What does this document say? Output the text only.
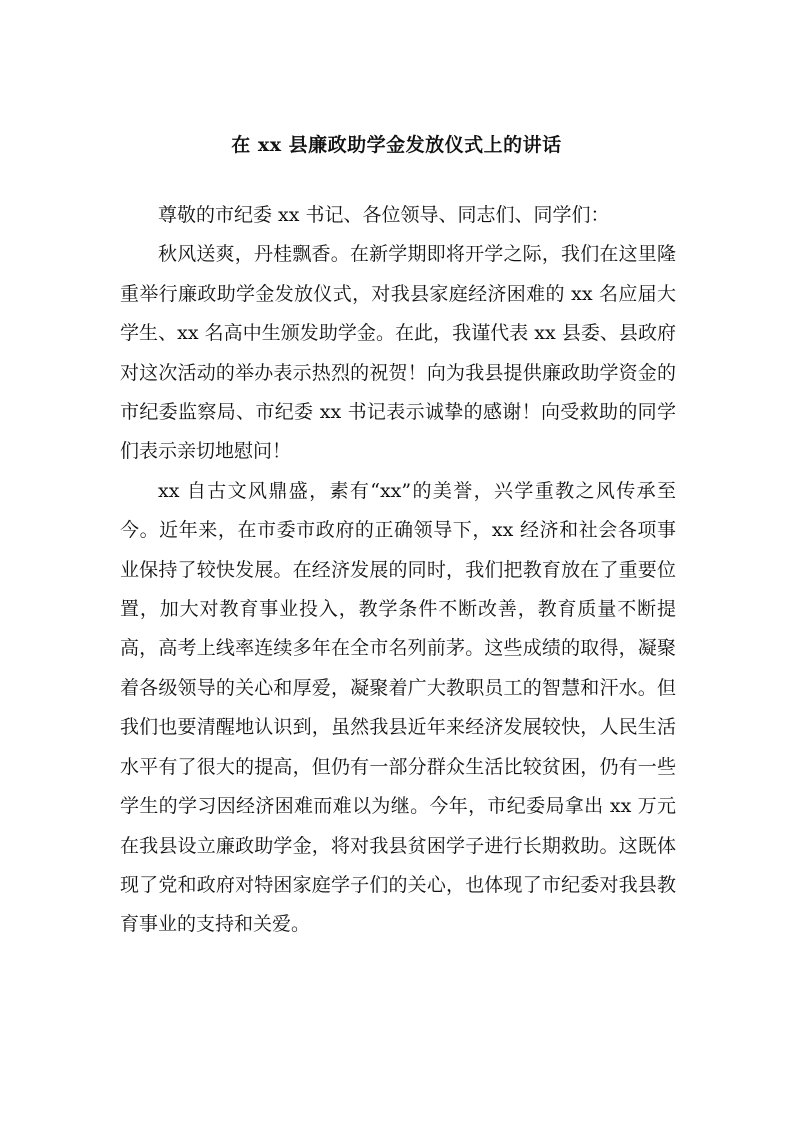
在 xx 县廉政助学金发放仪式上的讲话

尊敬的市纪委 xx 书记、各位领导、同志们、同学们：

秋风送爽，丹桂飘香。在新学期即将开学之际，我们在这里隆重举行廉政助学金发放仪式，对我县家庭经济困难的 xx 名应届大学生、xx 名高中生颁发助学金。在此，我谨代表 xx 县委、县政府对这次活动的举办表示热烈的祝贺！向为我县提供廉政助学资金的市纪委监察局、市纪委 xx 书记表示诚挚的感谢！向受救助的同学们表示亲切地慰问！

xx 自古文风鼎盛，素有“xx”的美誉，兴学重教之风传承至今。近年来，在市委市政府的正确领导下，xx 经济和社会各项事业保持了较快发展。在经济发展的同时，我们把教育放在了重要位置，加大对教育事业投入，教学条件不断改善，教育质量不断提高，高考上线率连续多年在全市名列前茅。这些成绩的取得，凝聚着各级领导的关心和厚爱，凝聚着广大教职员工的智慧和汗水。但我们也要清醒地认识到，虽然我县近年来经济发展较快，人民生活水平有了很大的提高，但仍有一部分群众生活比较贫困，仍有一些学生的学习因经济困难而难以为继。今年，市纪委局拿出 xx 万元在我县设立廉政助学金，将对我县贫困学子进行长期救助。这既体现了党和政府对特困家庭学子们的关心，也体现了市纪委对我县教育事业的支持和关爱。
